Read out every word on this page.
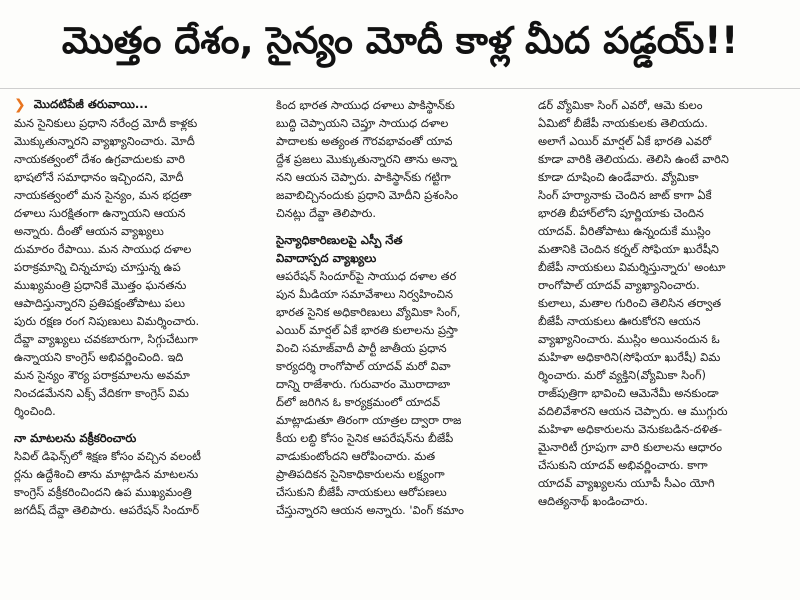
మొత్తం దేశం, సైన్యం మోదీ కాళ్ల మీద పడ్డయ్!!
❯ మొదటిపేజీ తరువాయి...
మన సైనికులు ప్రధాని నరేంద్ర మోదీ కాళ్లకు
మొక్కుతున్నారని వ్యాఖ్యానించారు. మోదీ
నాయకత్వంలో దేశం ఉగ్రవాదులకు వారి
భాషలోనే సమాధానం ఇచ్చిందని, మోదీ
నాయకత్వంలో మన సైన్యం, మన భద్రతా
దళాలు సురక్షితంగా ఉన్నాయని ఆయన
అన్నారు. దీంతో ఆయన వ్యాఖ్యలు
దుమారం రేపాయి. మన సాయుధ దళాల
పరాక్రమాన్ని చిన్నచూపు చూస్తున్న ఉప
ముఖ్యమంత్రి ప్రధానికే మొత్తం ఘనతను
ఆపాదిస్తున్నారని ప్రతిపక్షంతోపాటు పలు
పురు రక్షణ రంగ నిపుణులు విమర్శించారు.
దేవ్డా వ్యాఖ్యలు చవకబారుగా, సిగ్గుచేటుగా
ఉన్నాయని కాంగ్రెస్ అభివర్ణించింది. ఇది
మన సైన్యం శౌర్య పరాక్రమాలను అవమా
నించడమేనని ఎక్స్ వేదికగా కాంగ్రెస్ విమ
ర్శించింది.
నా మాటలను వక్రీకరించారు
సివిల్ డిఫెన్స్‌లో శిక్షణ కోసం వచ్చిన వలంటీ
ర్లను ఉద్దేశించి తాను మాట్లాడిన మాటలను
కాంగ్రెస్ వక్రీకరించిందని ఉప ముఖ్యమంత్రి
జగదీష్ దేవ్డా తెలిపారు. ఆపరేషన్ సిందూర్
కింద భారత సాయుధ దళాలు పాకిస్థాన్‌కు
బుద్ధి చెప్పాయని చెప్తూ సాయుధ దళాల
పాదాలకు అత్యంత గౌరవభావంతో యావ
ద్దేశ ప్రజలు మొక్కుతున్నారని తాను అన్నా
నని ఆయన చెప్పారు. పాకిస్థాన్‌కు గట్టిగా
జవాబిచ్చినందుకు ప్రధాని మోదీని ప్రశంసిం
చినట్లు దేవ్డా తెలిపారు.
సైన్యాధికారిణులపై ఎస్పీ నేత
వివాదాస్పద వ్యాఖ్యలు
ఆపరేషన్ సిందూర్‌పై సాయుధ దళాల తర
పున మీడియా సమావేశాలు నిర్వహించిన
భారత సైనిక అధికారిణులు వ్యోమికా సింగ్,
ఎయిర్ మార్షల్ ఏకే భారతి కులాలను ప్రస్తా
వించి సమాజ్‌వాదీ పార్టీ జాతీయ ప్రధాన
కార్యదర్శి రాంగోపాల్ యాదవ్ మరో వివా
దాన్ని రాజేశారు. గురువారం మొరాదాబా
ద్‌లో జరిగిన ఓ కార్యక్రమంలో యాదవ్
మాట్లాడుతూ తిరంగా యాత్రల ద్వారా రాజ
కీయ లబ్ధి కోసం సైనిక ఆపరేషన్‌ను బీజేపీ
వాడుకుంటోందని ఆరోపించారు. మత
ప్రాతిపదికన సైనికాధికారులను లక్ష్యంగా
చేసుకుని బీజేపీ నాయకులు ఆరోపణలు
చేస్తున్నారని ఆయన అన్నారు. 'వింగ్ కమాం
డర్ వ్యోమికా సింగ్ ఎవరో, ఆమె కులం
ఏమిటో బీజేపీ నాయకులకు తెలియదు.
అలాగే ఎయిర్ మార్షల్ ఏకే భారతి ఎవరో
కూడా వారికి తెలియదు. తెలిసి ఉంటే వారిని
కూడా దూషించి ఉండేవారు. వ్యోమికా
సింగ్ హర్యానాకు చెందిన జాట్ కాగా ఏకే
భారతి బీహార్‌లోని పూర్ణియాకు చెందిన
యాదవ్. వీరితోపాటు ఉన్నందుకే ముస్లిం
మతానికి చెందిన కర్నల్ సోఫియా ఖురేషీని
బీజేపీ నాయకులు విమర్శిస్తున్నారు' అంటూ
రాంగోపాల్ యాదవ్ వ్యాఖ్యానించారు.
కులాలు, మతాల గురించి తెలిసిన తర్వాత
బీజేపీ నాయకులు ఊరుకోరని ఆయన
వ్యాఖ్యానించారు. ముస్లిం అయినందున ఓ
మహిళా అధికారిని(సోఫియా ఖురేషీ) విమ
ర్శించారు. మరో వ్యక్తిని(వ్యోమికా సింగ్)
రాజ్‌పుత్రిగా భావించి ఆమెనేమీ అనకుండా
వదిలివేశారని ఆయన చెప్పారు. ఆ ముగ్గురు
మహిళా అధికారులను వెనుకబడిన-దళిత-
మైనారిటీ గ్రూపుగా వారి కులాలను ఆధారం
చేసుకుని యాదవ్ అభివర్ణించారు. కాగా
యాదవ్ వ్యాఖ్యలను యూపీ సీఎం యోగి
ఆదిత్యనాథ్ ఖండించారు.
